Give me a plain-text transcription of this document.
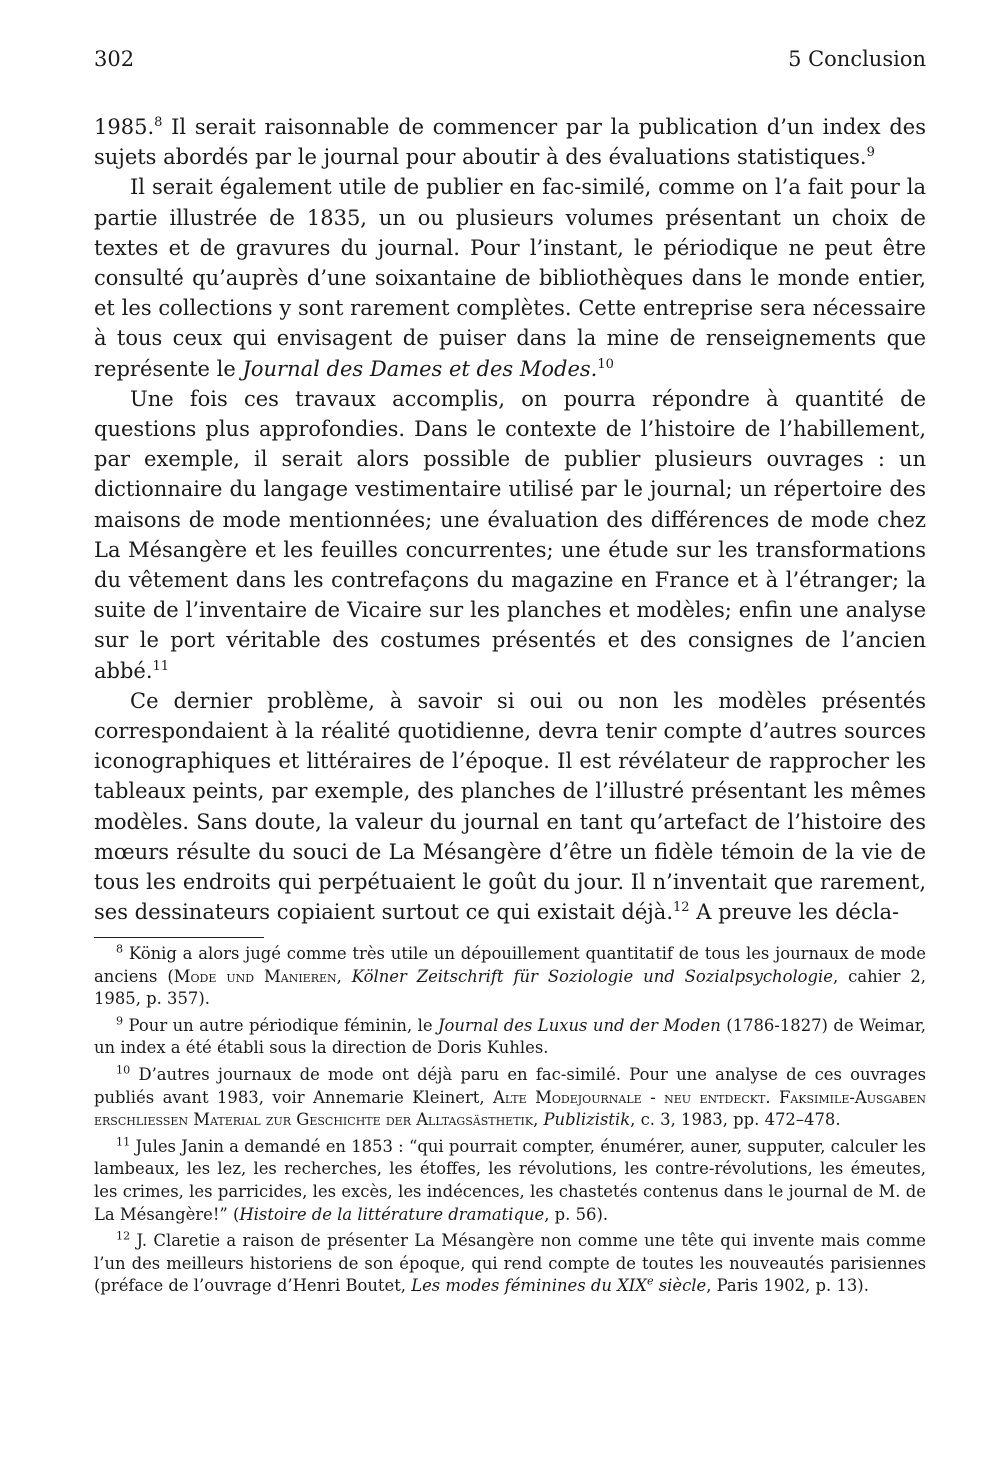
302	5 Conclusion

1985.$^8$ Il serait raisonnable de commencer par la publication d’un index des sujets abordés par le journal pour aboutir à des évaluations statistiques.$^9$

Il serait également utile de publier en fac-similé, comme on l’a fait pour la partie illustrée de 1835, un ou plusieurs volumes présentant un choix de textes et de gravures du journal. Pour l’instant, le périodique ne peut être consulté qu’auprès d’une soixantaine de bibliothèques dans le monde entier, et les collections y sont rarement complètes. Cette entreprise sera nécessaire à tous ceux qui envisagent de puiser dans la mine de renseignements que représente le Journal des Dames et des Modes.$^{10}$

Une fois ces travaux accomplis, on pourra répondre à quantité de questions plus approfondies. Dans le contexte de l’histoire de l’habillement, par exemple, il serait alors possible de publier plusieurs ouvrages : un dictionnaire du langage vestimentaire utilisé par le journal; un répertoire des maisons de mode mentionnées; une évaluation des différences de mode chez La Mésangère et les feuilles concurrentes; une étude sur les transformations du vêtement dans les contrefaçons du magazine en France et à l’étranger; la suite de l’inventaire de Vicaire sur les planches et modèles; enfin une analyse sur le port véritable des costumes présentés et des consignes de l’ancien abbé.$^{11}$

Ce dernier problème, à savoir si oui ou non les modèles présentés correspondaient à la réalité quotidienne, devra tenir compte d’autres sources iconographiques et littéraires de l’époque. Il est révélateur de rapprocher les tableaux peints, par exemple, des planches de l’illustré présentant les mêmes modèles. Sans doute, la valeur du journal en tant qu’artefact de l’histoire des mœurs résulte du souci de La Mésangère d’être un fidèle témoin de la vie de tous les endroits qui perpétuaient le goût du jour. Il n’inventait que rarement, ses dessinateurs copiaient surtout ce qui existait déjà.$^{12}$ A preuve les décla-

$^8$ König a alors jugé comme très utile un dépouillement quantitatif de tous les journaux de mode anciens (Mode und Manieren, Kölner Zeitschrift für Soziologie und Sozialpsychologie, cahier 2, 1985, p. 357).

$^9$ Pour un autre périodique féminin, le Journal des Luxus und der Moden (1786-1827) de Weimar, un index a été établi sous la direction de Doris Kuhles.

$^{10}$ D’autres journaux de mode ont déjà paru en fac-similé. Pour une analyse de ces ouvrages publiés avant 1983, voir Annemarie Kleinert, Alte Modejournale - neu entdeckt. Faksimile-Ausgaben erschliessen Material zur Geschichte der Alltagsästhetik, Publizistik, c. 3, 1983, pp. 472–478.

$^{11}$ Jules Janin a demandé en 1853 : “qui pourrait compter, énumérer, auner, supputer, calculer les lambeaux, les lez, les recherches, les étoffes, les révolutions, les contre-révolutions, les émeutes, les crimes, les parricides, les excès, les indécences, les chastetés contenus dans le journal de M. de La Mésangère!” (Histoire de la littérature dramatique, p. 56).

$^{12}$ J. Claretie a raison de présenter La Mésangère non comme une tête qui invente mais comme l’un des meilleurs historiens de son époque, qui rend compte de toutes les nouveautés parisiennes (préface de l’ouvrage d’Henri Boutet, Les modes féminines du XIXe siècle, Paris 1902, p. 13).
